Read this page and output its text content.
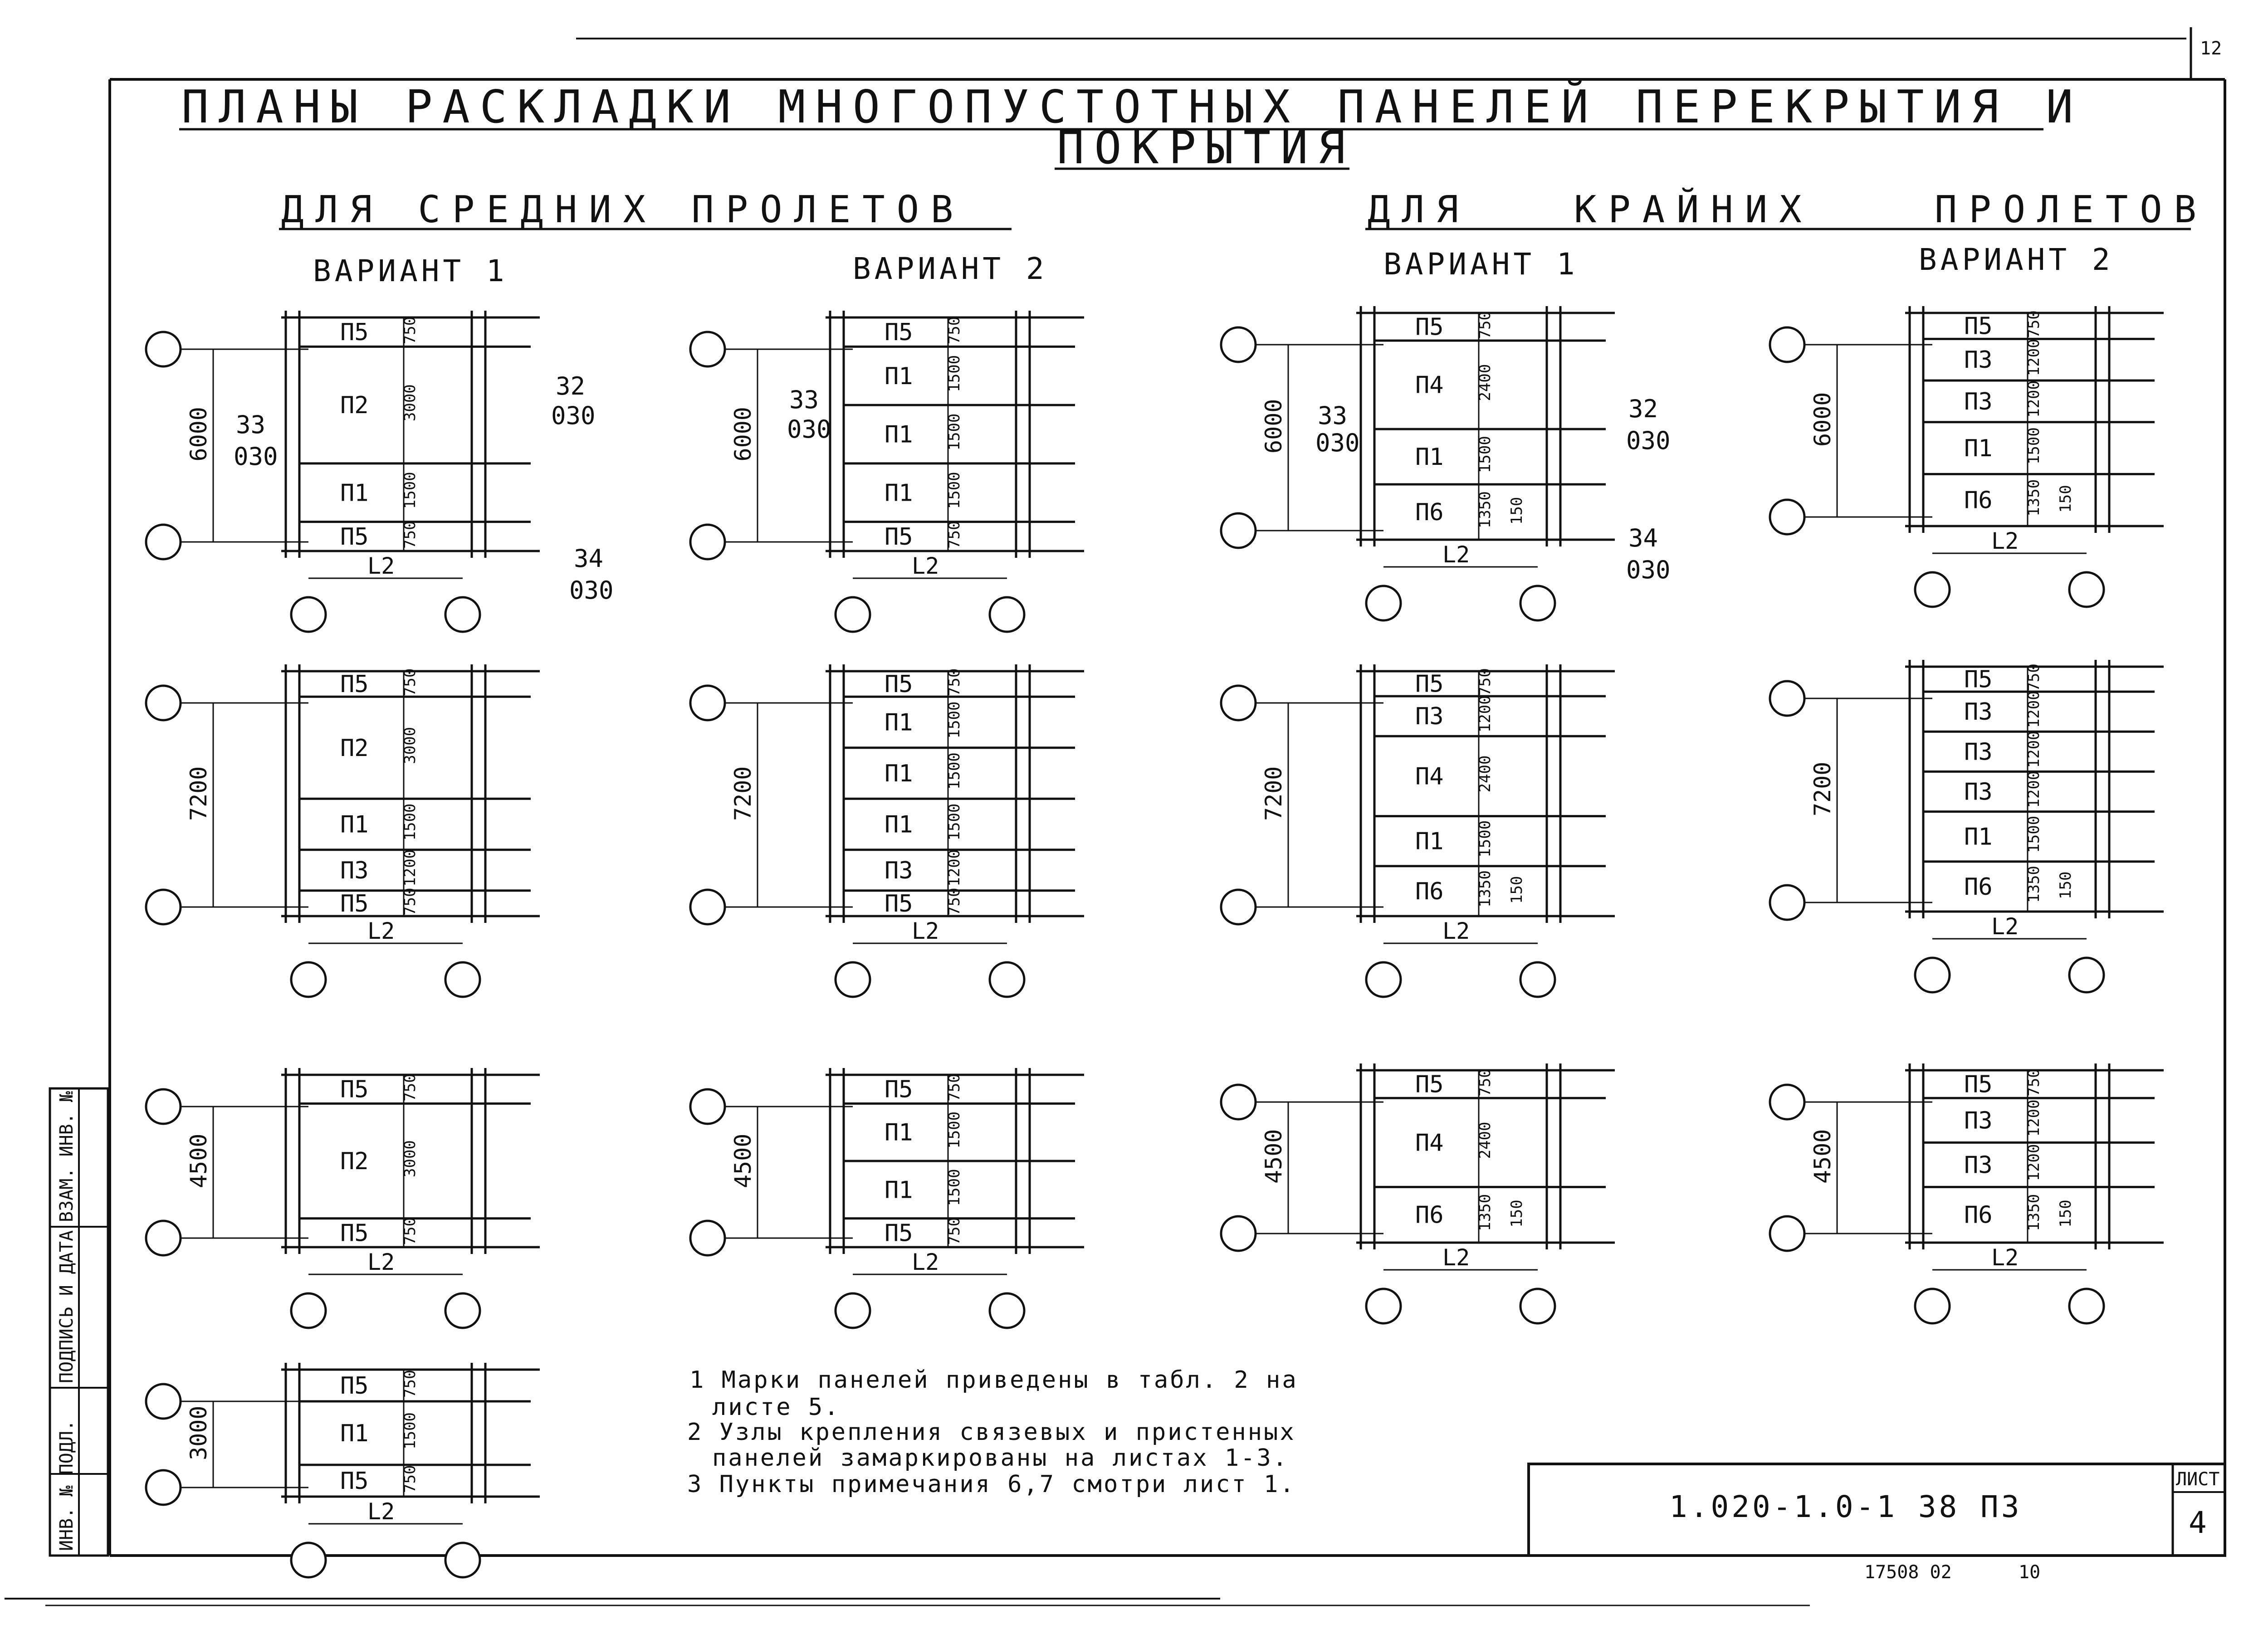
ПЛАНЫ РАСКЛАДКИ МНОГОПУСТОТНЫХ ПАНЕЛЕЙ ПЕРЕКРЫТИЯ И
ПОКРЫТИЯ
12
ДЛЯ СРЕДНИХ ПРОЛЕТОВ	ДЛЯ	КРАЙНИХ	ПРОЛЕТОВ
ВАРИАНТ 1	ВАРИАНТ 2	ВАРИАНТ 1	ВАРИАНТ 2
П5 750
П2 3000
П1 1500
П5 750
6000
L2
П5 750
П1 1500
П1 1500
П1 1500
П5 750
6000
L2
П5 750
П4 2400
П1 1500
П6 1350 150
6000
L2
П5 750
П3 1200
П3 1200
П1 1500
П6 1350 150
6000
L2
П5 750
П2 3000
П1 1500
П3 1200
П5 750
7200
L2
П5 750
П1 1500
П1 1500
П1 1500
П3 1200
П5 750
7200
L2
П5 750
П3 1200
П4 2400
П1 1500
П6 1350 150
7200
L2
П5 750
П3 1200
П3 1200
П3 1200
П1 1500
П6 1350 150
7200
L2
П5 750
П2 3000
П5 750
4500
L2
П5 750
П1 1500
П1 1500
П5 750
4500
L2
П5 750
П4 2400
П6 1350 150
4500
L2
П5 750
П3 1200
П3 1200
П6 1350 150
4500
L2
П5 750
П1 1500
П5 750
3000
L2
33
030
32
030
34
030
33
030	33
030
32
030
34
030
1 Марки панелей приведены в табл. 2 на
листе 5.
2 Узлы крепления связевых и пристенных
панелей замаркированы на листах 1-3.
3 Пункты примечания 6,7 смотри лист 1.
1.020-1.0-1 38 ПЗ
ЛИСТ
4
17508 02	10
ИНВ. № ПОДЛ.
ПОДПИСЬ И ДАТА
ВЗАМ. ИНВ. №
